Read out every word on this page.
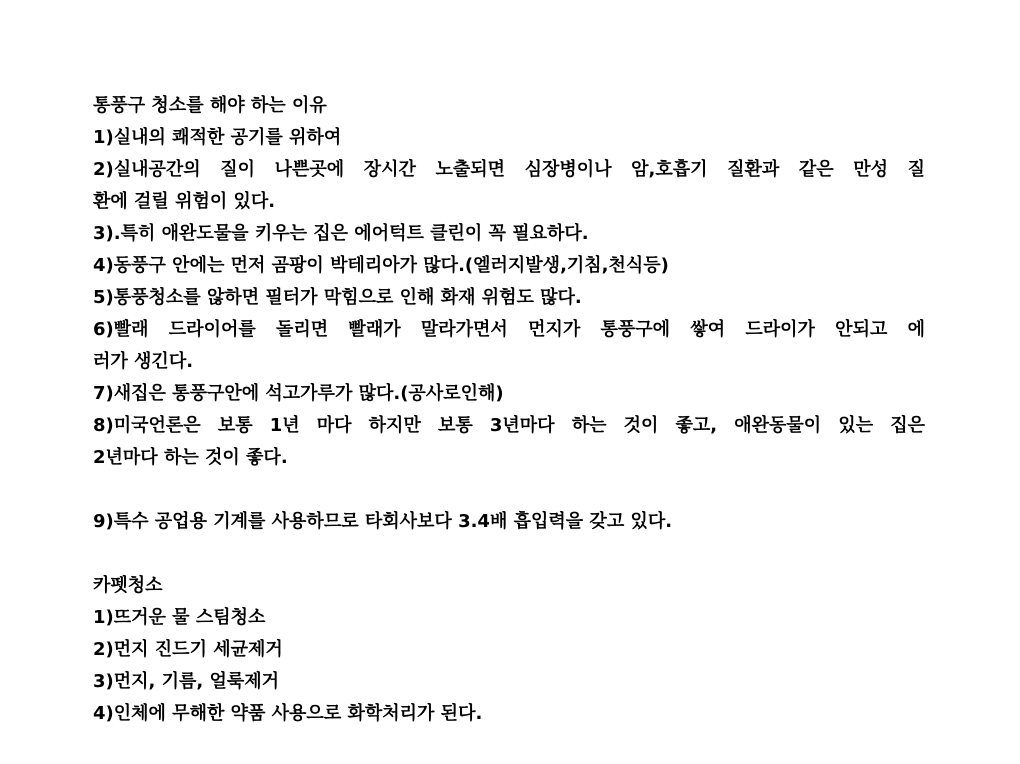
통풍구 청소를 해야 하는 이유
1)실내의 쾌적한 공기를 위하여
2)실내공간의 질이 나쁜곳에 장시간 노출되면 심장병이나 암,호흡기 질환과 같은 만성 질
환에 걸릴 위험이 있다.
3).특히 애완도물을 키우는 집은 에어턱트 클린이 꼭 필요하다.
4)동풍구 안에는 먼저 곰팡이 박테리아가 많다.(엘러지발생,기침,천식등)
5)통풍청소를 않하면 필터가 막힘으로 인해 화재 위험도 많다.
6)빨래 드라이어를 돌리면 빨래가 말라가면서 먼지가 통풍구에 쌓여 드라이가 안되고 에
러가 생긴다.
7)새집은 통풍구안에 석고가루가 많다.(공사로인해)
8)미국언론은 보통 1년 마다 하지만 보통 3년마다 하는 것이 좋고, 애완동물이 있는 집은
2년마다 하는 것이 좋다.
9)특수 공업용 기계를 사용하므로 타회사보다 3.4배 흡입력을 갖고 있다.
카펫청소
1)뜨거운 물 스팀청소
2)먼지 진드기 세균제거
3)먼지, 기름, 얼룩제거
4)인체에 무해한 약품 사용으로 화학처리가 된다.
